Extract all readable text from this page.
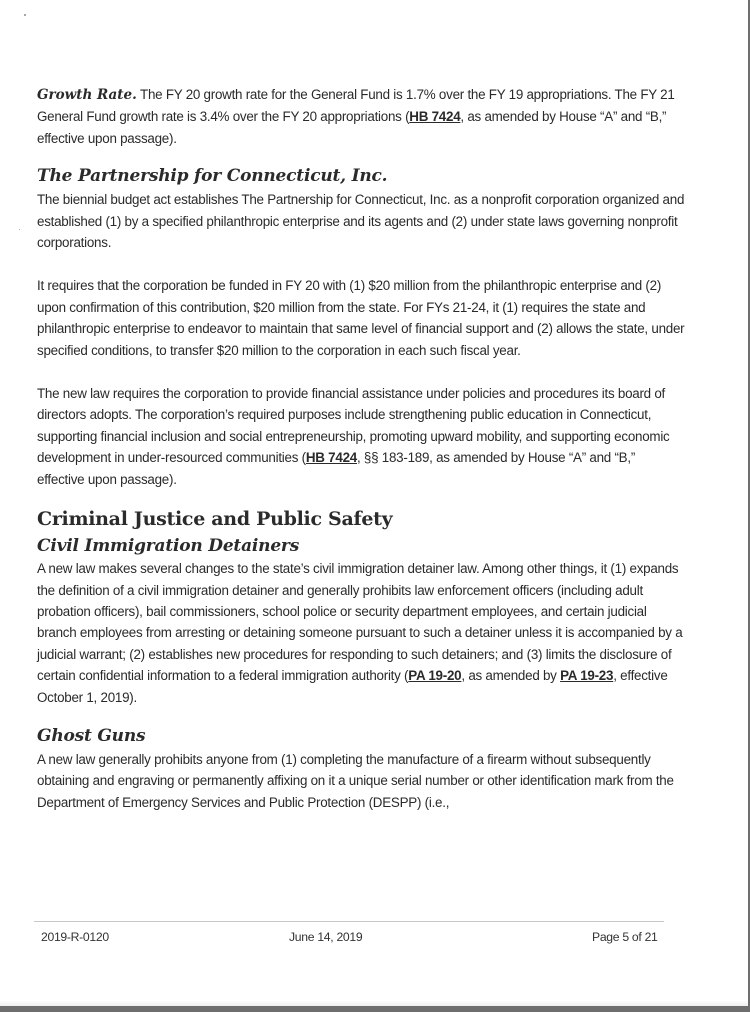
Growth Rate. The FY 20 growth rate for the General Fund is 1.7% over the FY 19 appropriations. The FY 21 General Fund growth rate is 3.4% over the FY 20 appropriations (HB 7424, as amended by House “A” and “B,” effective upon passage).

The Partnership for Connecticut, Inc.

The biennial budget act establishes The Partnership for Connecticut, Inc. as a nonprofit corporation organized and established (1) by a specified philanthropic enterprise and its agents and (2) under state laws governing nonprofit corporations.

It requires that the corporation be funded in FY 20 with (1) $20 million from the philanthropic enterprise and (2) upon confirmation of this contribution, $20 million from the state. For FYs 21-24, it (1) requires the state and philanthropic enterprise to endeavor to maintain that same level of financial support and (2) allows the state, under specified conditions, to transfer $20 million to the corporation in each such fiscal year.

The new law requires the corporation to provide financial assistance under policies and procedures its board of directors adopts. The corporation’s required purposes include strengthening public education in Connecticut, supporting financial inclusion and social entrepreneurship, promoting upward mobility, and supporting economic development in under-resourced communities (HB 7424, §§ 183-189, as amended by House “A” and “B,” effective upon passage).

Criminal Justice and Public Safety
Civil Immigration Detainers

A new law makes several changes to the state’s civil immigration detainer law. Among other things, it (1) expands the definition of a civil immigration detainer and generally prohibits law enforcement officers (including adult probation officers), bail commissioners, school police or security department employees, and certain judicial branch employees from arresting or detaining someone pursuant to such a detainer unless it is accompanied by a judicial warrant; (2) establishes new procedures for responding to such detainers; and (3) limits the disclosure of certain confidential information to a federal immigration authority (PA 19-20, as amended by PA 19-23, effective October 1, 2019).

Ghost Guns

A new law generally prohibits anyone from (1) completing the manufacture of a firearm without subsequently obtaining and engraving or permanently affixing on it a unique serial number or other identification mark from the Department of Emergency Services and Public Protection (DESPP) (i.e.,

2019-R-0120	June 14, 2019	Page 5 of 21
